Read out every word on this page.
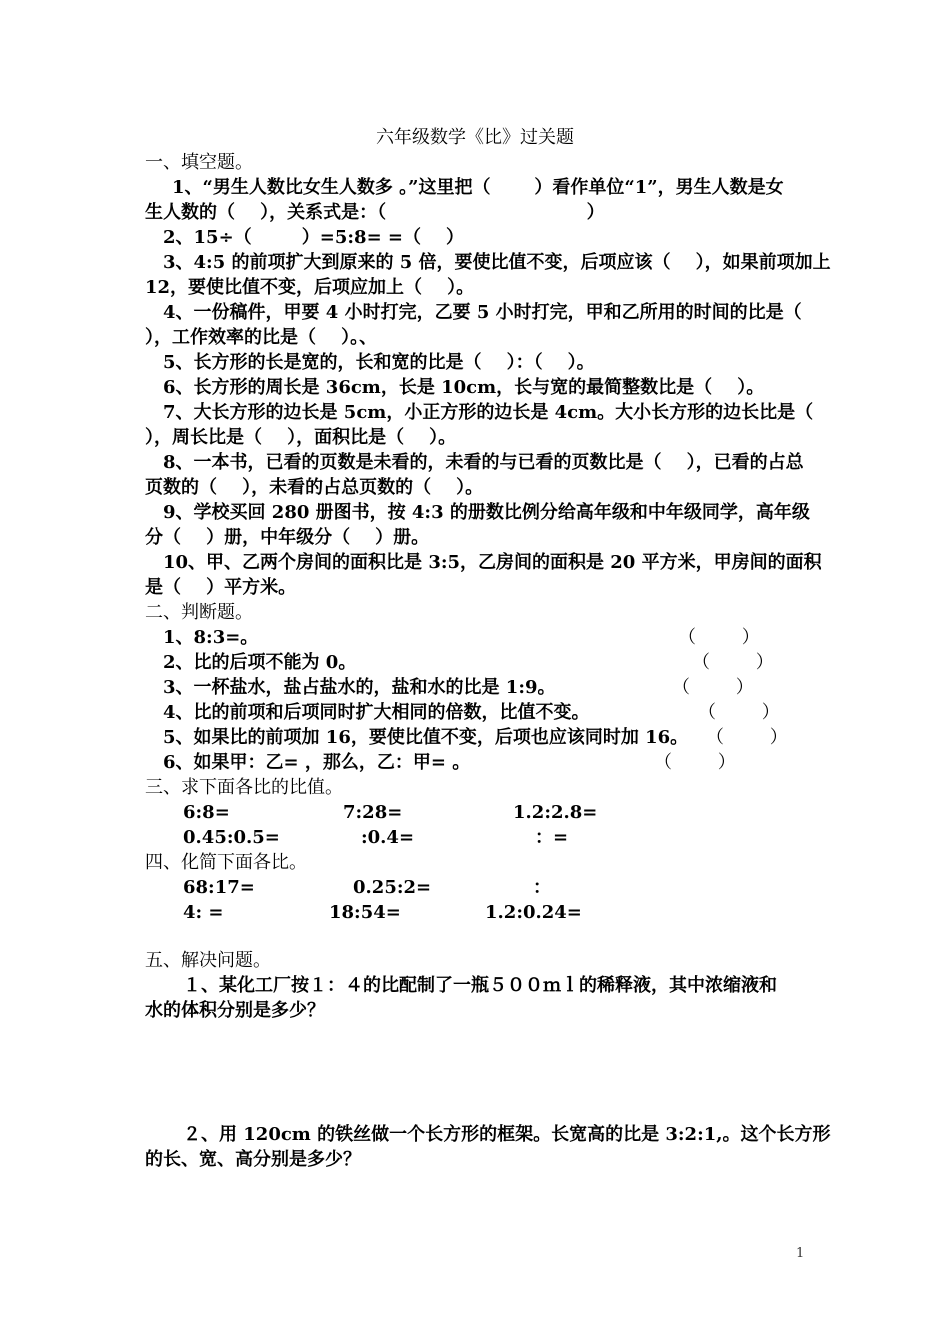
六年级数学《比》过关题
一、填空题。
1、“男生人数比女生人数多 。”这里把（       ）看作单位“1”，男生人数是女
生人数的（    ），关系式是：（                                ）
2、15÷（        ）=5:8= =（    ）
3、4:5 的前项扩大到原来的 5 倍，要使比值不变，后项应该（    ），如果前项加上
12，要使比值不变，后项应加上（    ）。
4、一份稿件，甲要 4 小时打完，乙要 5 小时打完，甲和乙所用的时间的比是（
），工作效率的比是（    ）。、
5、长方形的长是宽的，长和宽的比是（    ）：（    ）。
6、长方形的周长是 36cm，长是 10cm，长与宽的最简整数比是（    ）。
7、大长方形的边长是 5cm，小正方形的边长是 4cm。大小长方形的边长比是（
），周长比是（    ），面积比是（    ）。
8、一本书，已看的页数是未看的，未看的与已看的页数比是（    ），已看的占总
页数的（    ），未看的占总页数的（    ）。
9、学校买回 280 册图书，按 4:3 的册数比例分给高年级和中年级同学，高年级
分（    ）册，中年级分（    ）册。
10、甲、乙两个房间的面积比是 3:5，乙房间的面积是 20 平方米，甲房间的面积
是（    ）平方米。
二、判断题。
1、8:3=。	（        ）
2、比的后项不能为 0。	（        ）
3、一杯盐水，盐占盐水的，盐和水的比是 1:9。	（        ）
4、比的前项和后项同时扩大相同的倍数，比值不变。	（        ）
5、如果比的前项加 16，要使比值不变，后项也应该同时加 16。 （        ）
6、如果甲：乙= ，那么，乙：甲= 。	（        ）
三、求下面各比的比值。
6:8=	7:28=	1.2:2.8=
0.45:0.5=	:0.4=	：=
四、化简下面各比。
68:17=	0.25:2=	：
4: =	18:54=	1.2:0.24=
五、解决问题。
１、某化工厂按１：４的比配制了一瓶５００ｍｌ的稀释液，其中浓缩液和
水的体积分别是多少？
２、用 120cm 的铁丝做一个长方形的框架。长宽高的比是 3:2:1,。这个长方形
的长、宽、高分别是多少？
1
